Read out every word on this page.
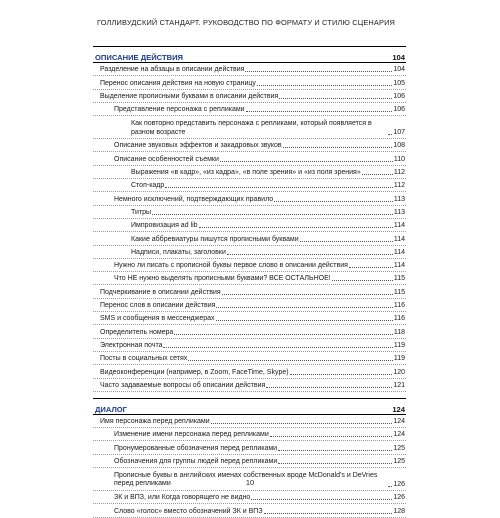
ГОЛЛИВУДСКИЙ СТАНДАРТ. РУКОВОДСТВО ПО ФОРМАТУ И СТИЛЮ СЦЕНАРИЯ
ОПИСАНИЕ ДЕЙСТВИЯ	104
Разделение на абзацы в описании действия	104
Перенос описания действия на новую страницу	105
Выделение прописными буквами в описании действия	106
Представление персонажа с репликами	106
Как повторно представить персонажа с репликами, который появляется в разном возрасте	107
Описание звуковых эффектов и закадровых звуков	108
Описание особенностей съемки	110
Выражения «в кадр», «из кадра», «в поле зрения» и «из поля зрения»	112
Стоп-кадр	112
Немного исключений, подтверждающих правило	113
Титры	113
Импровизация ad lib	114
Какие аббревиатуры пишутся прописными буквами	114
Надписи, плакаты, заголовки	114
Нужно ли писать с прописной буквы первое слово в описании действия	114
Что НЕ нужно выделять прописными буквами? ВСЕ ОСТАЛЬНОЕ!	115
Подчеркивание в описании действия	115
Перенос слов в описании действия	116
SMS и сообщения в мессенджерах	116
Определитель номера	118
Электронная почта	119
Посты в социальных сетях	119
Видеоконференции (например, в Zoom, FaceTime, Skype)	120
Часто задаваемые вопросы об описании действия	121
ДИАЛОГ	124
Имя персонажа перед репликами	124
Изменение имени персонажа перед репликами	124
Пронумерованные обозначения перед репликами	125
Обозначения для группы людей перед репликами	125
Прописные буквы в английских именах собственных вроде McDonald’s и DeVries перед репликами	126
ЗК и ВПЗ, или Когда говорящего не видно	126
Слово «голос» вместо обозначений ЗК и ВПЗ	128
10
